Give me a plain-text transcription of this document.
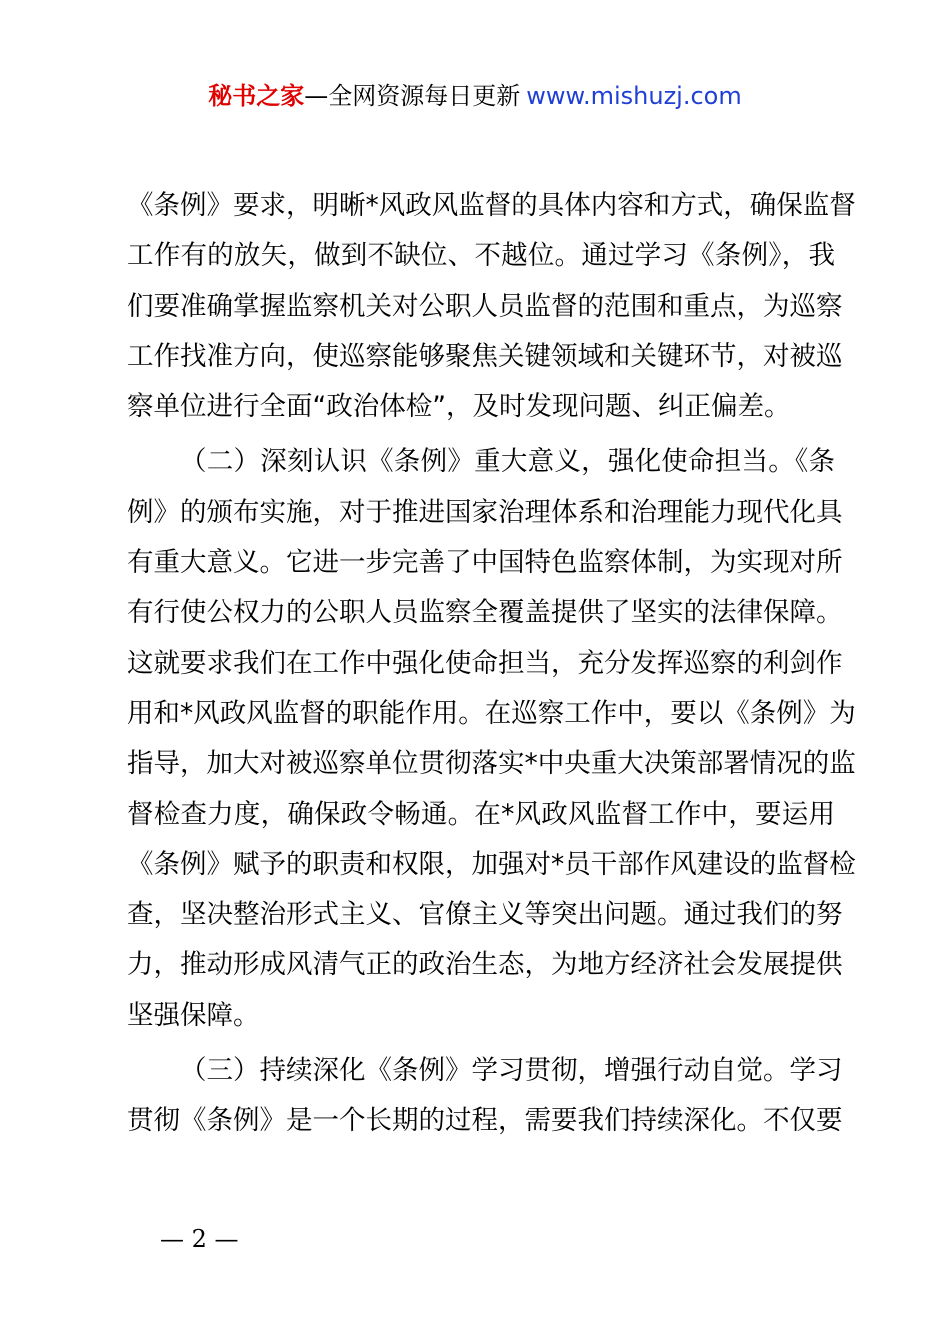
秘书之家—全网资源每日更新 www.mishuzj.com
《条例》要求，明晰*风政风监督的具体内容和方式，确保监督
工作有的放矢，做到不缺位、不越位。通过学习《条例》，我
们要准确掌握监察机关对公职人员监督的范围和重点，为巡察
工作找准方向，使巡察能够聚焦关键领域和关键环节，对被巡
察单位进行全面“政治体检”，及时发现问题、纠正偏差。
（二）深刻认识《条例》重大意义，强化使命担当。《条
例》的颁布实施，对于推进国家治理体系和治理能力现代化具
有重大意义。它进一步完善了中国特色监察体制，为实现对所
有行使公权力的公职人员监察全覆盖提供了坚实的法律保障。
这就要求我们在工作中强化使命担当，充分发挥巡察的利剑作
用和*风政风监督的职能作用。在巡察工作中，要以《条例》为
指导，加大对被巡察单位贯彻落实*中央重大决策部署情况的监
督检查力度，确保政令畅通。在*风政风监督工作中，要运用
《条例》赋予的职责和权限，加强对*员干部作风建设的监督检
查，坚决整治形式主义、官僚主义等突出问题。通过我们的努
力，推动形成风清气正的政治生态，为地方经济社会发展提供
坚强保障。
（三）持续深化《条例》学习贯彻，增强行动自觉。学习
贯彻《条例》是一个长期的过程，需要我们持续深化。不仅要
— 2 —
